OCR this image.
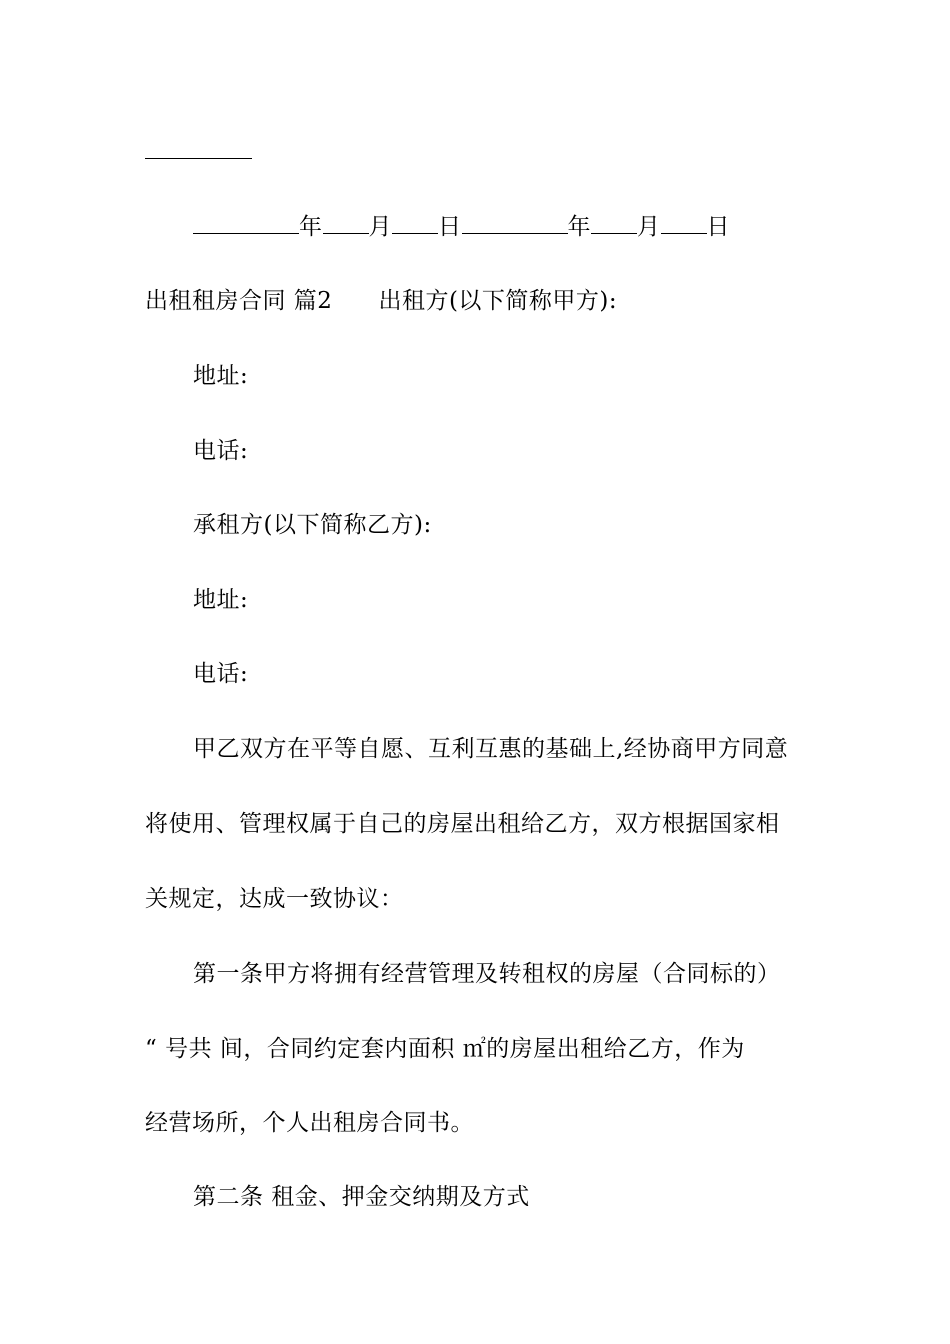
年 月 日	年 月 日
出租租房合同 篇2 出租方(以下简称甲方):
地址:
电话:
承租方(以下简称乙方):
地址:
电话:
甲乙双方在平等自愿、互利互惠的基础上,经协商甲方同意
将使用、管理权属于自己的房屋出租给乙方，双方根据国家相
关规定，达成一致协议：
第一条甲方将拥有经营管理及转租权的房屋（合同标的）
“ 号共 间，合同约定套内面积 ㎡的房屋出租给乙方，作为
经营场所，个人出租房合同书。
第二条 租金、押金交纳期及方式
